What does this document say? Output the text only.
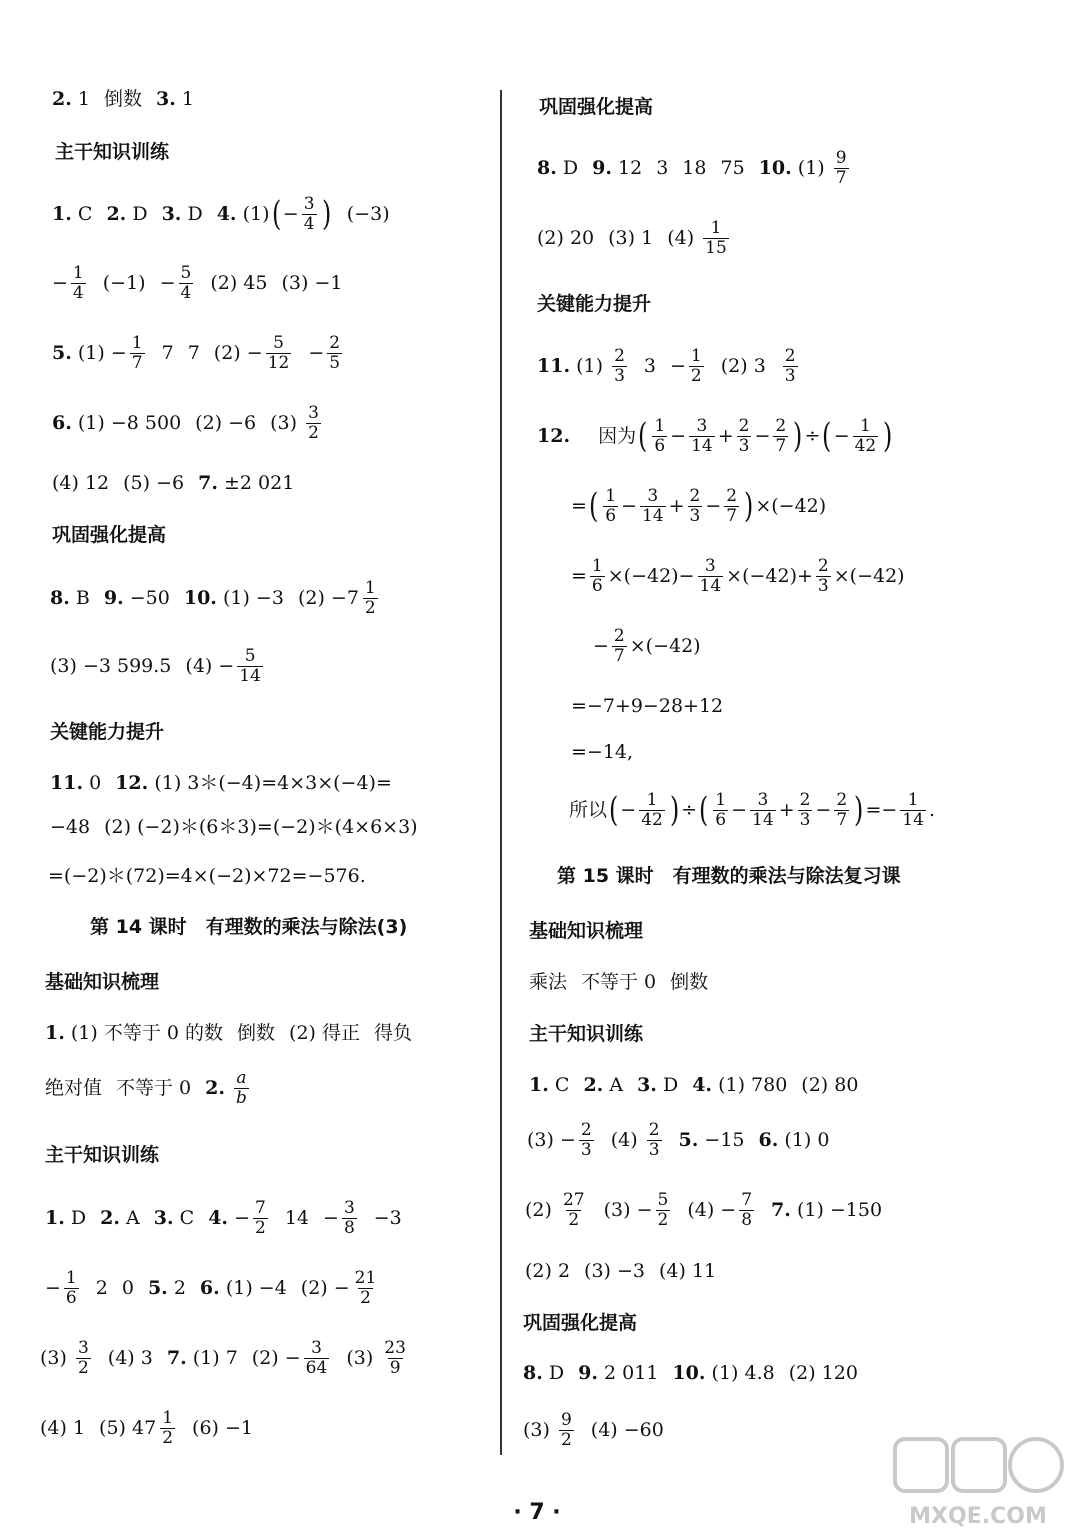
2.
1 倒数 3.
1
主干知识训练
1.
C 2.
D 3.
D 4.
(1) ( − $\frac{3}{4}$ ) (−3)
− $\frac{1}{4} (-1) - \frac{5}{4} (2)$ 45 (3) −1
5.
$(1) - \frac{1}{7} 7$ 7 $(2) - \frac{5}{12} - \frac{2}{5}$
6.
(1) −8 500 (2) −6 (3)
$\frac{3}{2}$
(4) 12 (5) −6 7.
±2 021
巩固强化提高
8.
B 9.
−50 10.
(1) −3 (2)
$-7 \frac{1}{2}$
(3) −3 599.5 $(4) - \frac{5}{14}$
关键能力提升
11.
0 12.
(1) 3＊(−4)=4×3×(−4)=
−48 (2) (−2)＊(6＊3)=(−2)＊(4×6×3)
=(−2)＊(72)=4×(−2)×72=−576.
第 14 课时　有理数的乘法与除法(3)
基础知识梳理
1.
(1) 不等于 0 的数 倒数 (2) 得正 得负
绝对值 不等于 0 2.
$\frac{a}{b}$
主干知识训练
1.
D 2.
A 3.
C 4. − $\frac{7}{2} 14 - \frac{3}{8} -3$
− $\frac{1}{6} 2$ 0 5.
2 6.
(1) −4 $(2) - \frac{21}{2}$
(3)
$\frac{3}{2} (4)$ 3 7.
(1) 7 $(2) - \frac{3}{64} (3)$
$\frac{23}{9}$
(4) 1 (5)
$47 \frac{1}{2} (6) -1$
巩固强化提高
8.
D 9.
12 3 18 75 10.
(1)
$\frac{9}{7}$
(2) 20 (3) 1 (4)
$\frac{1}{15}$
关键能力提升
11.
(1)
$\frac{2}{3} 3 - \frac{1}{2} (2)$ $3 \frac{2}{3}$
12. 因为 ( $\frac{1}{6} - \frac{3}{14} + \frac{2}{3} - \frac{2}{7}$ ) ÷ ( − $\frac{1}{42}$ )
= ( $\frac{1}{6} - \frac{3}{14} + \frac{2}{3} - \frac{2}{7}$ ) ×(−42)
= $\frac{1}{6} \times(-42)- \frac{3}{14} \times(-42)+ \frac{2}{3} \times(-42)$
− $\frac{2}{7} \times(-42)$
=−7+9−28+12
=−14,
所以 ( − $\frac{1}{42}$ ) ÷ ( $\frac{1}{6} - \frac{3}{14} + \frac{2}{3} - \frac{2}{7}$ ) =− $\frac{1}{14}$ .
第 15 课时　有理数的乘法与除法复习课
基础知识梳理
乘法 不等于 0 倒数
主干知识训练
1.
C 2.
A 3.
D 4.
(1) 780 (2) 80
$(3) - \frac{2}{3} (4)$
$\frac{2}{3} 5$.
−15 6.
(1) 0
(2)
$\frac{27}{2} (3) - \frac{5}{2} (4) - \frac{7}{8} 7$.
(1) −150
(2) 2 (3) −3 (4) 11
巩固强化提高
8.
D 9.
2 011 10.
(1) 4.8 (2) 120
(3)
$\frac{9}{2} (4) -60$
· 7 ·	MXQE.COM
